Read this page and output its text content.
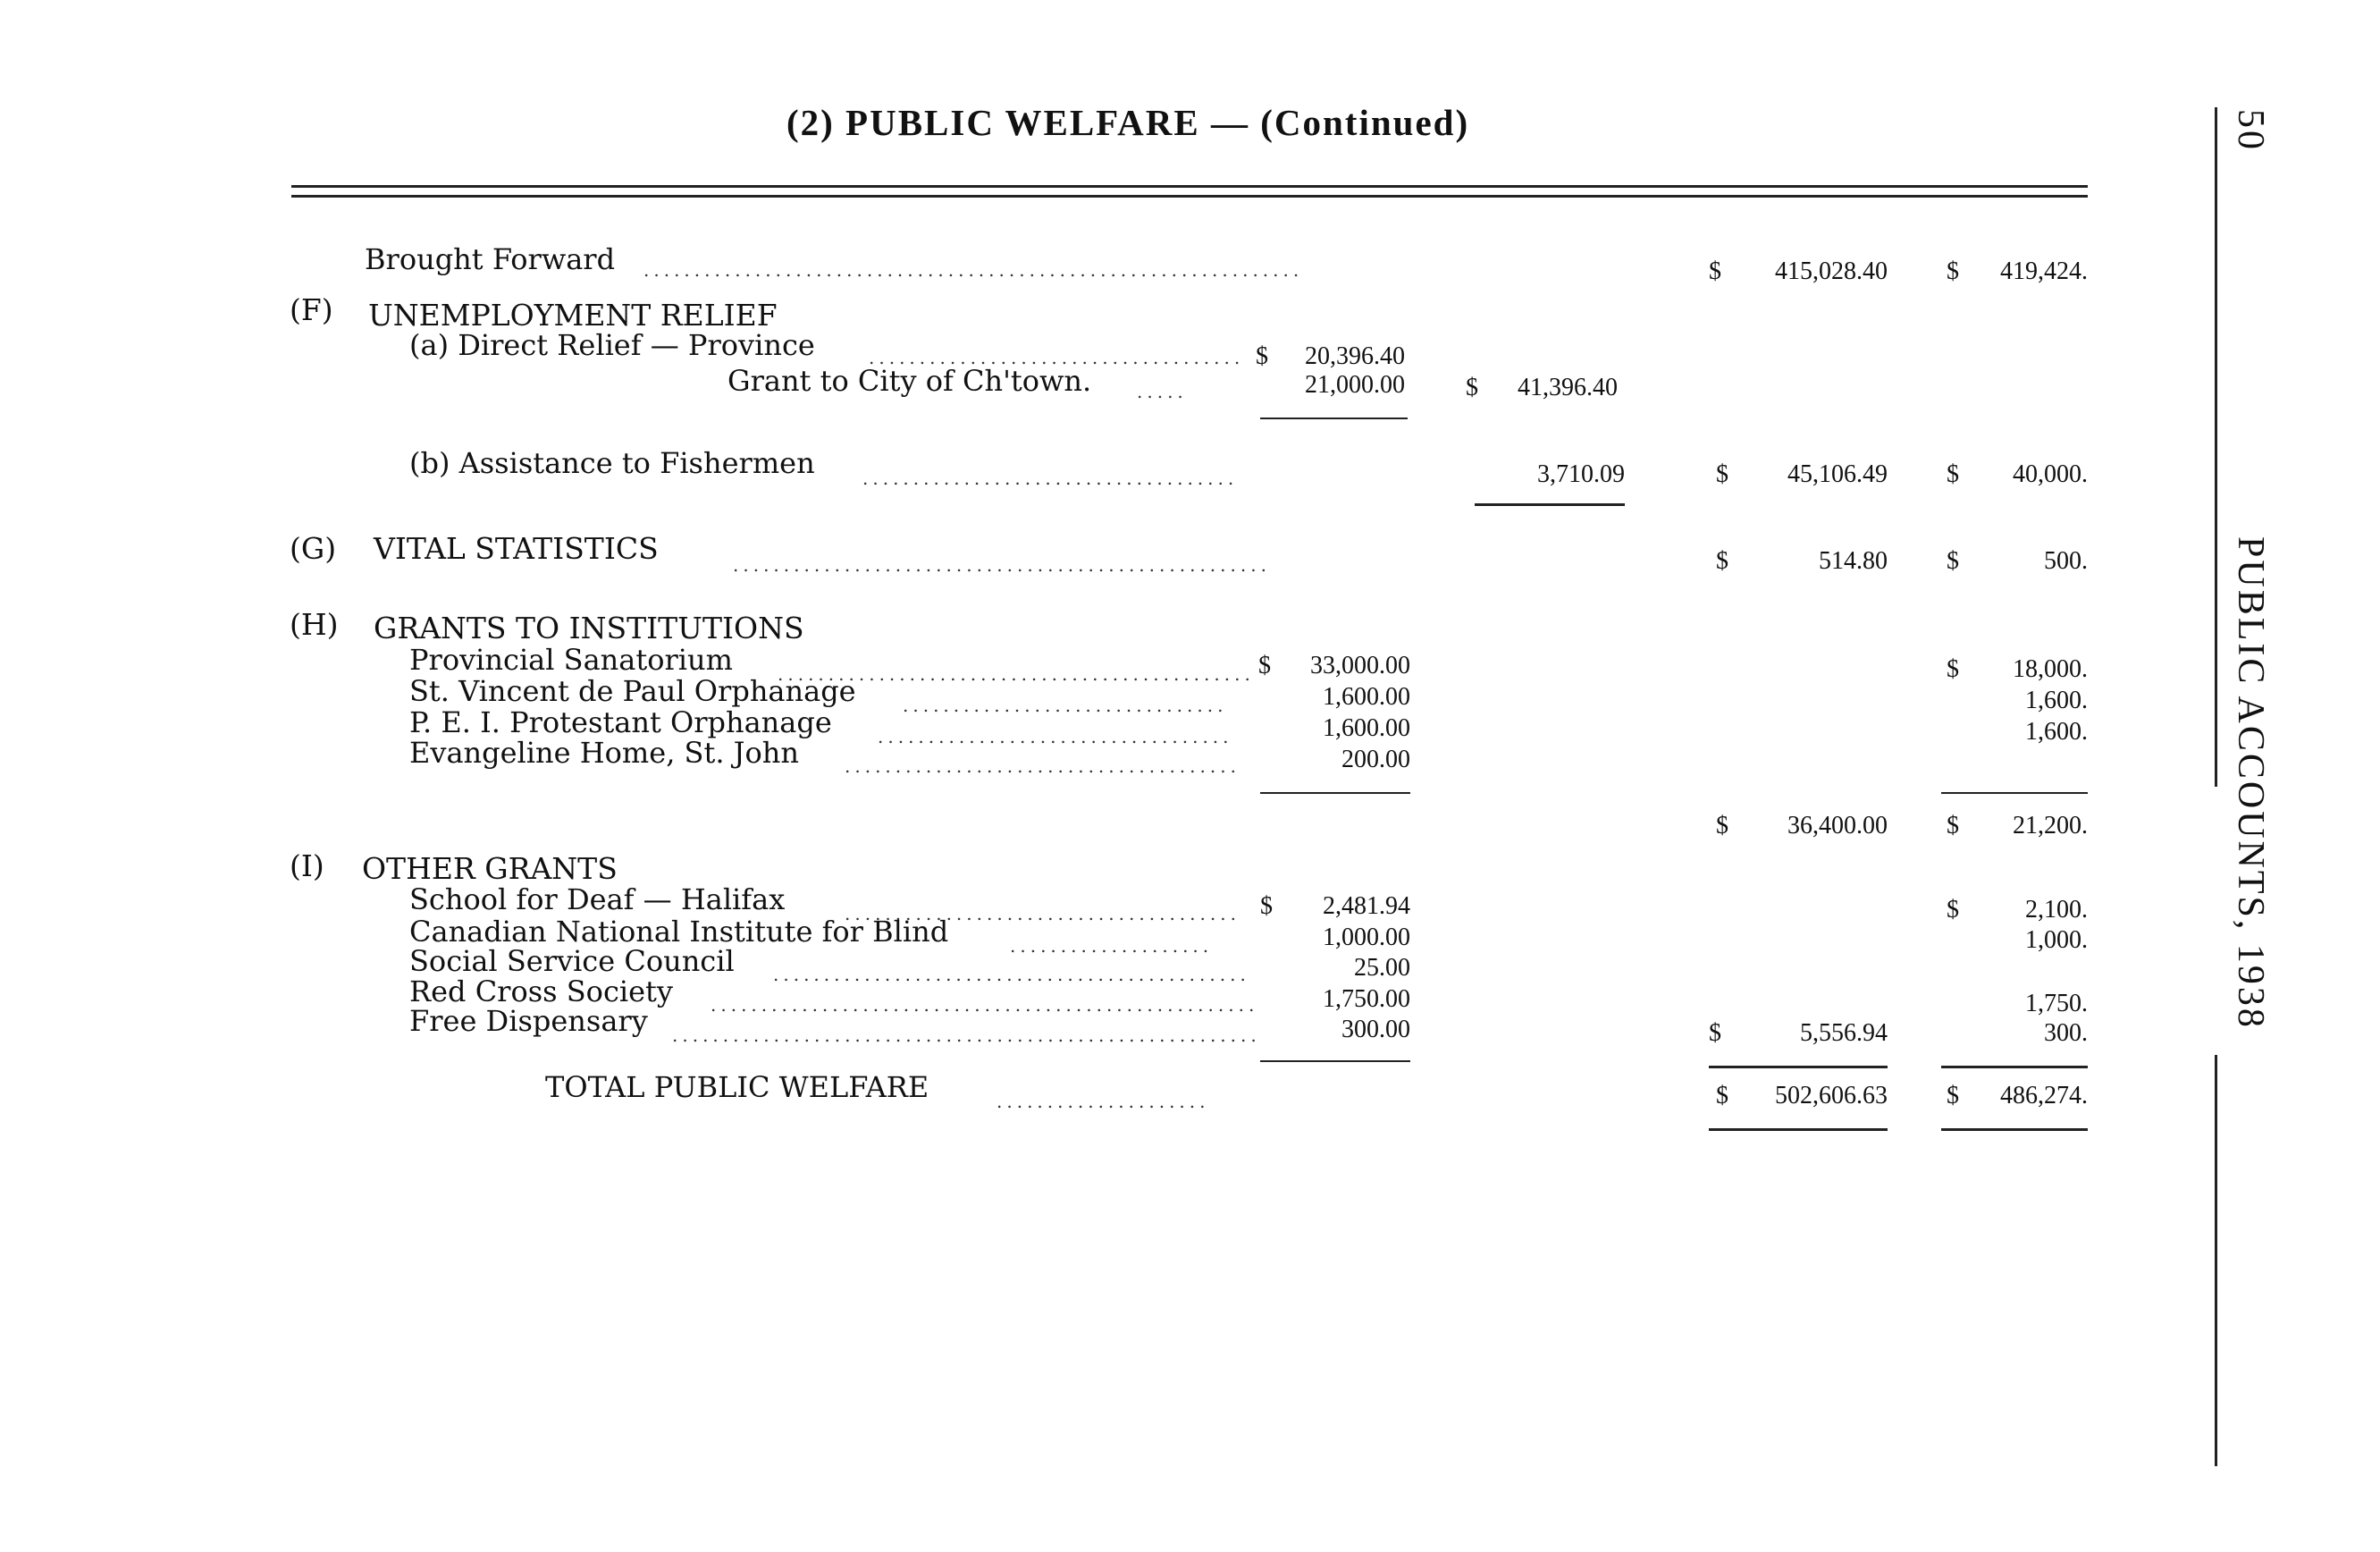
(2) PUBLIC WELFARE — (Continued)	50
PUBLIC ACCOUNTS, 1938
Brought Forward .................................................................	$	415,028.40 $	419,424.
(F) UNEMPLOYMENT RELIEF
(a) Direct Relief — Province	..................................... $	20,396.40
Grant to City of Ch'town.	.....	21,000.00 $	41,396.40
(b) Assistance to Fishermen	.....................................	3,710.09	$	45,106.49 $	40,000.
(G) VITAL STATISTICS	.....................................................	$	514.80 $	500.
(H) GRANTS TO INSTITUTIONS
Provincial Sanatorium	............................................... $	33,000.00	$	18,000.
St. Vincent de Paul Orphanage	................................	1,600.00	1,600.
P. E. I. Protestant Orphanage	...................................	1,600.00	1,600.
Evangeline Home, St. John	.......................................	200.00
$	36,400.00 $	21,200.
(I) OTHER GRANTS
School for Deaf — Halifax	....................................... $	2,481.94	$	2,100.
Canadian National Institute for Blind	....................	1,000.00	1,000.
Social Service Council ...............................................	25.00
Red Cross Society ......................................................	1,750.00	1,750.
Free Dispensary ..........................................................	300.00	$	5,556.94	300.
TOTAL PUBLIC WELFARE	.....................	$	502,606.63 $	486,274.
